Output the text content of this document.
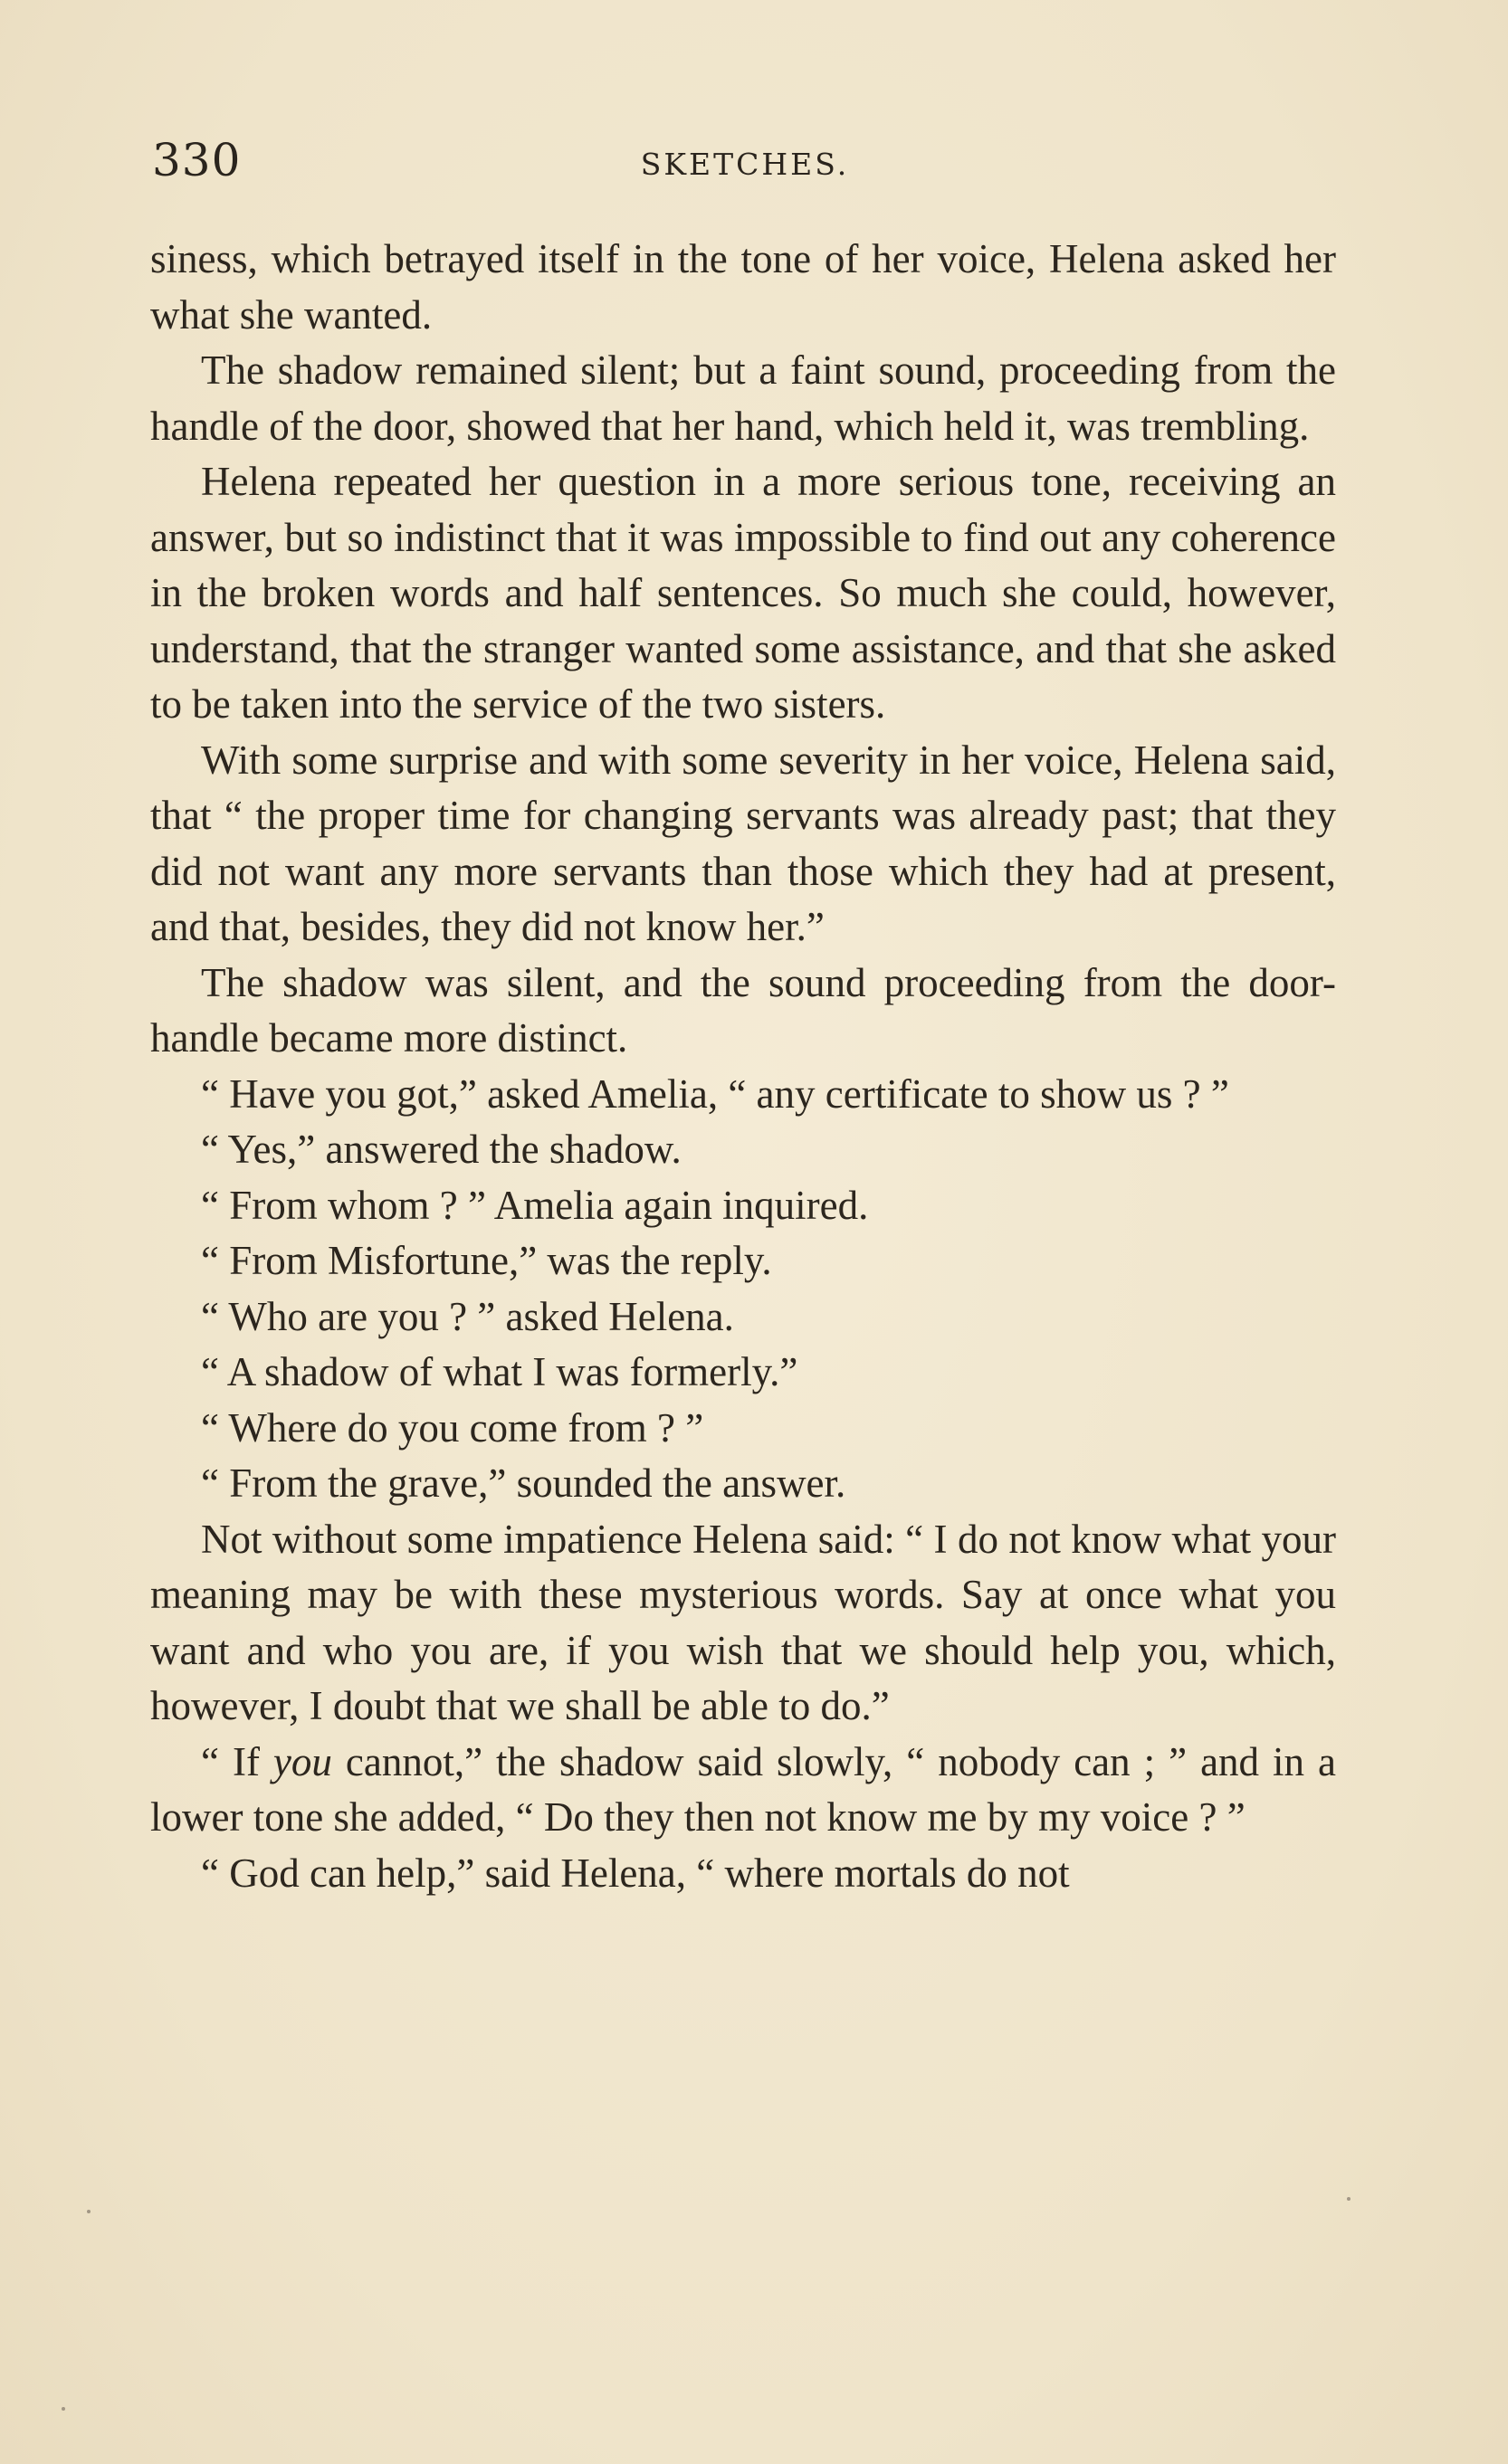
330	SKETCHES.

siness, which betrayed itself in the tone of her voice, Helena asked her what she wanted.

The shadow remained silent; but a faint sound, proceeding from the handle of the door, showed that her hand, which held it, was trembling.

Helena repeated her question in a more serious tone, receiving an answer, but so indistinct that it was impossible to find out any coherence in the broken words and half sentences. So much she could, however, understand, that the stranger wanted some assistance, and that she asked to be taken into the service of the two sisters.

With some surprise and with some severity in her voice, Helena said, that “ the proper time for changing servants was already past; that they did not want any more servants than those which they had at present, and that, besides, they did not know her.”

The shadow was silent, and the sound proceeding from the door-handle became more distinct.

“ Have you got,” asked Amelia, “ any certificate to show us ? ”

“ Yes,” answered the shadow.

“ From whom ? ” Amelia again inquired.

“ From Misfortune,” was the reply.

“ Who are you ? ” asked Helena.

“ A shadow of what I was formerly.”

“ Where do you come from ? ”

“ From the grave,” sounded the answer.

Not without some impatience Helena said: “ I do not know what your meaning may be with these mysterious words. Say at once what you want and who you are, if you wish that we should help you, which, however, I doubt that we shall be able to do.”

“ If you cannot,” the shadow said slowly, “ nobody can ; ” and in a lower tone she added, “ Do they then not know me by my voice ? ”

“ God can help,” said Helena, “ where mortals do not
